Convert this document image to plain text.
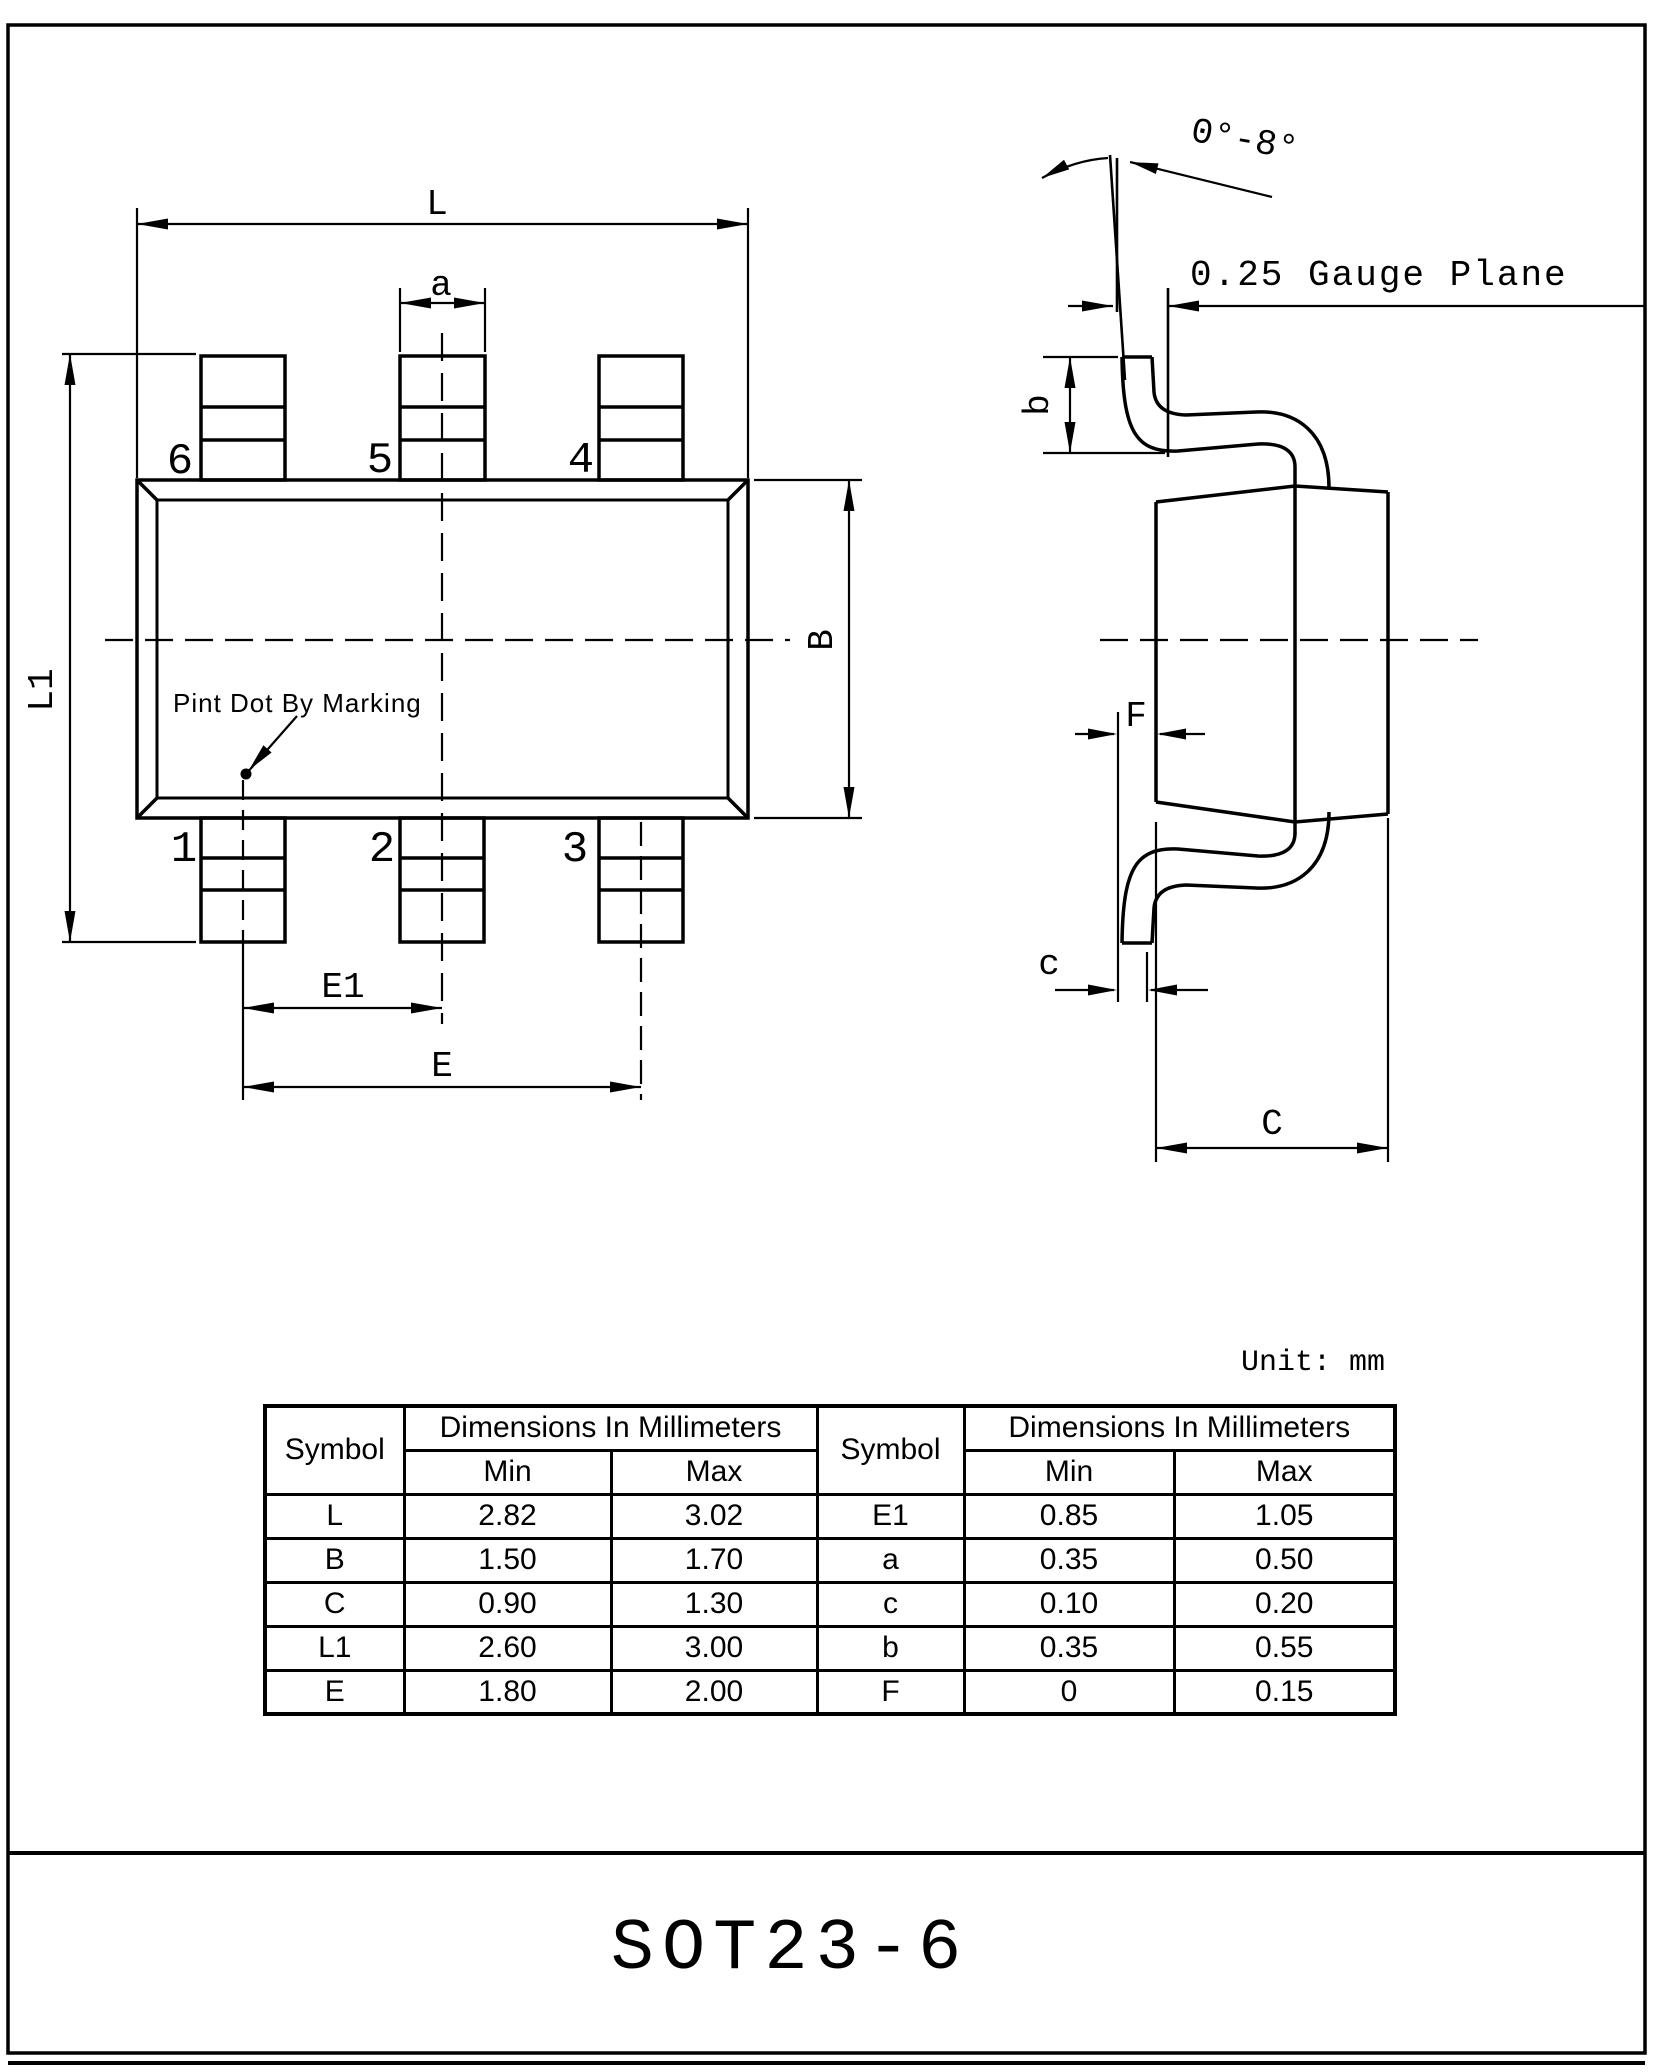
L
a
L1
B
E1
E
6	5	4
1	2	3
Pint Dot By Marking
0°-8°
0.25 Gauge Plane
b
F
c
C
Symbol	Dimensions In Millimeters		Symbol	Dimensions In Millimeters	
	Min	Max		Min	Max
L	2.82	3.02	E1	0.85	1.05
B	1.50	1.70	a	0.35	0.50
C	0.90	1.30	c	0.10	0.20
L1	2.60	3.00	b	0.35	0.55
E	1.80	2.00	F	0	0.15
Unit: mm
SOT23-6
